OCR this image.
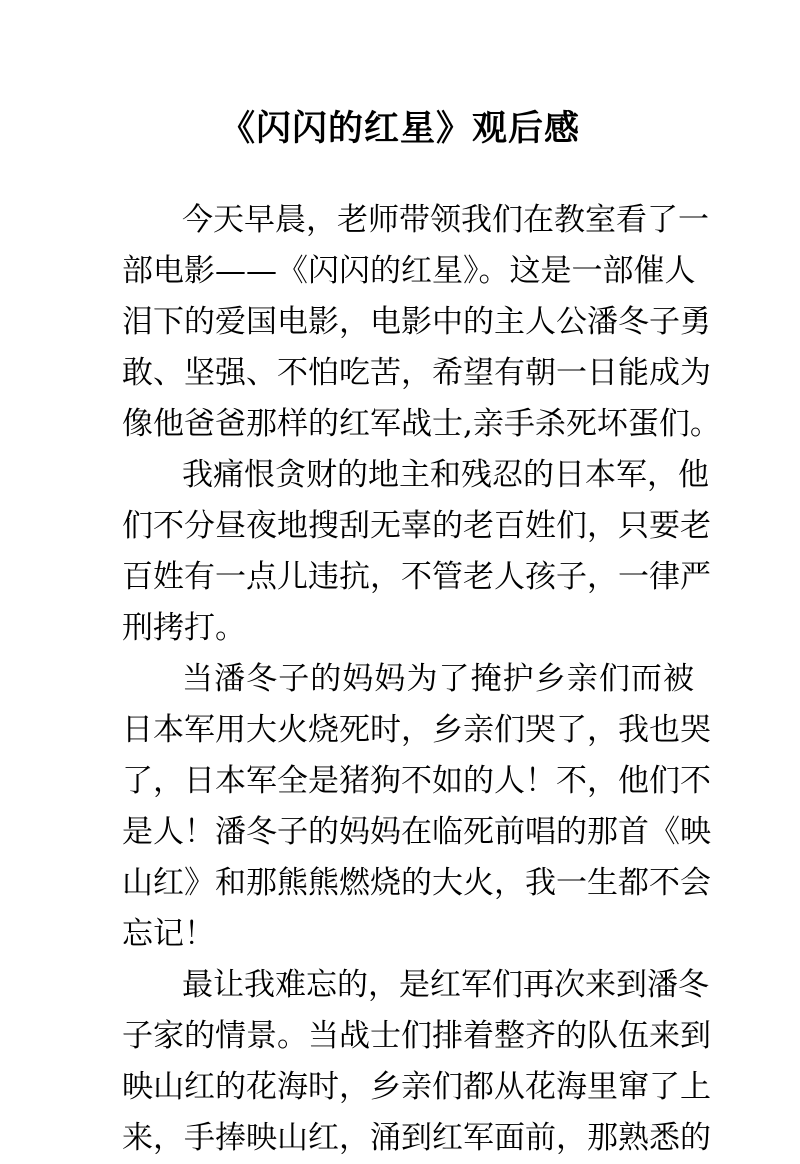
《闪闪的红星》观后感

今天早晨，老师带领我们在教室看了一
部电影——《闪闪的红星》。这是一部催人
泪下的爱国电影，电影中的主人公潘冬子勇
敢、坚强、不怕吃苦，希望有朝一日能成为
像他爸爸那样的红军战士,亲手杀死坏蛋们。

我痛恨贪财的地主和残忍的日本军，他
们不分昼夜地搜刮无辜的老百姓们，只要老
百姓有一点儿违抗，不管老人孩子，一律严
刑拷打。

当潘冬子的妈妈为了掩护乡亲们而被
日本军用大火烧死时，乡亲们哭了，我也哭
了，日本军全是猪狗不如的人！不，他们不
是人！潘冬子的妈妈在临死前唱的那首《映
山红》和那熊熊燃烧的大火，我一生都不会
忘记！

最让我难忘的，是红军们再次来到潘冬
子家的情景。当战士们排着整齐的队伍来到
映山红的花海时，乡亲们都从花海里窜了上
来，手捧映山红，涌到红军面前，那熟悉的
